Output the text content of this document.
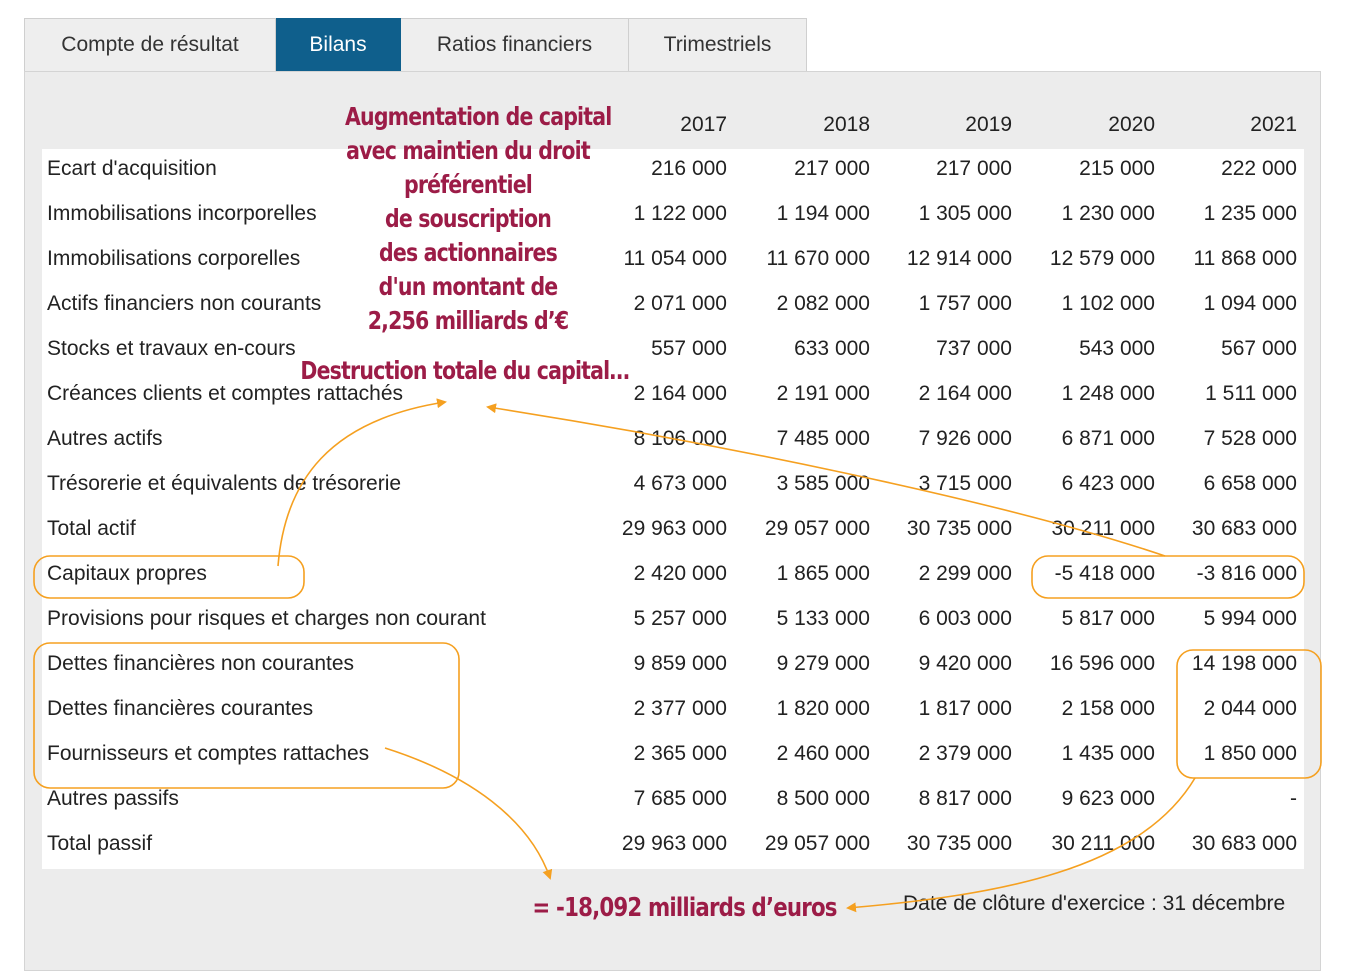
Compte de résultat	Bilans	Ratios financiers	Trimestriels
2017	2018	2019	2020	2021
Ecart d'acquisition	216 000	217 000	217 000	215 000	222 000
Immobilisations incorporelles	1 122 000	1 194 000	1 305 000	1 230 000	1 235 000
Immobilisations corporelles	11 054 000	11 670 000	12 914 000	12 579 000	11 868 000
Actifs financiers non courants	2 071 000	2 082 000	1 757 000	1 102 000	1 094 000
Stocks et travaux en-cours	557 000	633 000	737 000	543 000	567 000
Créances clients et comptes rattachés	2 164 000	2 191 000	2 164 000	1 248 000	1 511 000
Autres actifs	8 106 000	7 485 000	7 926 000	6 871 000	7 528 000
Trésorerie et équivalents de trésorerie	4 673 000	3 585 000	3 715 000	6 423 000	6 658 000
Total actif	29 963 000	29 057 000	30 735 000	30 211 000	30 683 000
Capitaux propres	2 420 000	1 865 000	2 299 000	-5 418 000	-3 816 000
Provisions pour risques et charges non courant	5 257 000	5 133 000	6 003 000	5 817 000	5 994 000
Dettes financières non courantes	9 859 000	9 279 000	9 420 000	16 596 000	14 198 000
Dettes financières courantes	2 377 000	1 820 000	1 817 000	2 158 000	2 044 000
Fournisseurs et comptes rattaches	2 365 000	2 460 000	2 379 000	1 435 000	1 850 000
Autres passifs	7 685 000	8 500 000	8 817 000	9 623 000	-
Total passif	29 963 000	29 057 000	30 735 000	30 211 000	30 683 000
Date de clôture d'exercice : 31 décembre
Augmentation de capital
avec maintien du droit
préférentiel
de souscription
des actionnaires
d'un montant de
2,256 milliards d’€
Destruction totale du capital…
= -18,092 milliards d’euros
